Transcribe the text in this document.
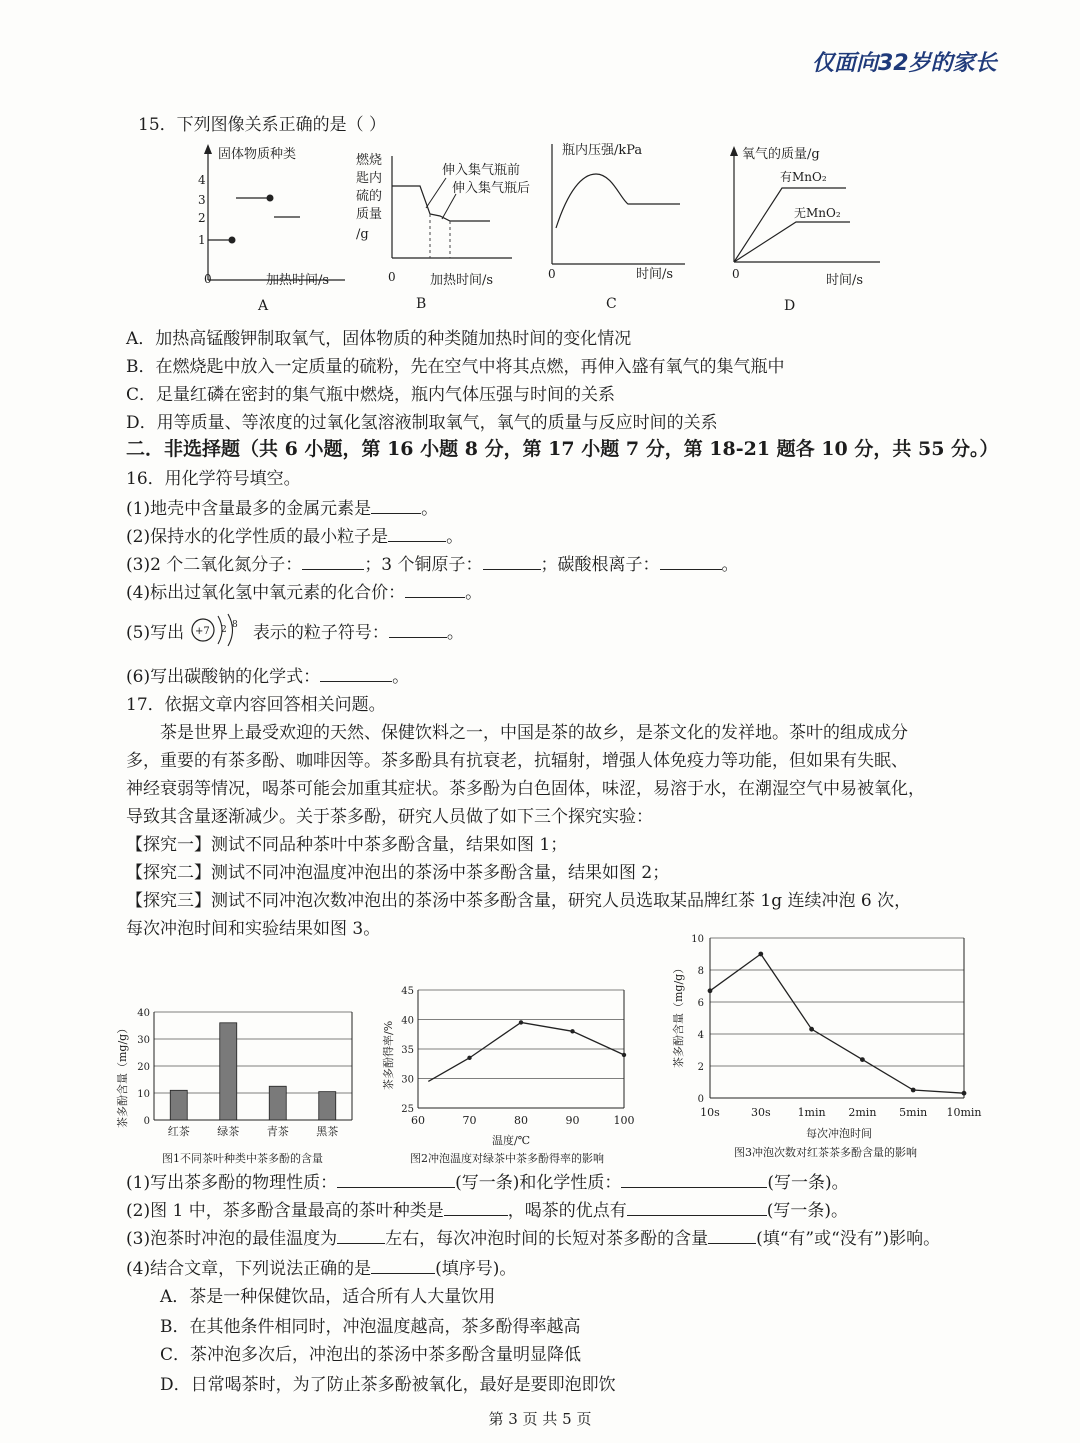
仅面向32岁的家长
15．下列图像关系正确的是（ ）
固体物质种类
4
3
2
1
0	加热时间/s
A
燃烧
匙内
硫的
质量
/g
伸入集气瓶前
伸入集气瓶后
0	加热时间/s
B
瓶内压强/kPa
0	时间/s
C
氧气的质量/g
有MnO₂
无MnO₂
0	时间/s
D
A．加热高锰酸钾制取氧气，固体物质的种类随加热时间的变化情况
B．在燃烧匙中放入一定质量的硫粉，先在空气中将其点燃，再伸入盛有氧气的集气瓶中
C．足量红磷在密封的集气瓶中燃烧，瓶内气体压强与时间的关系
D．用等质量、等浓度的过氧化氢溶液制取氧气，氧气的质量与反应时间的关系
二．非选择题（共 6 小题，第 16 小题 8 分，第 17 小题 7 分，第 18-21 题各 10 分，共 55 分。）
16．用化学符号填空。
(1)地壳中含量最多的金属元素是	。
(2)保持水的化学性质的最小粒子是	。
(3)2 个二氧化氮分子：	；3 个铜原子：	；碳酸根离子：	。
(4)标出过氧化氢中氧元素的化合价：	。
(5)写出 +7 2 8 表示的粒子符号：	。
(6)写出碳酸钠的化学式：	。
17．依据文章内容回答相关问题。
茶是世界上最受欢迎的天然、保健饮料之一，中国是茶的故乡，是茶文化的发祥地。茶叶的组成成分
多，重要的有茶多酚、咖啡因等。茶多酚具有抗衰老，抗辐射，增强人体免疫力等功能，但如果有失眠、
神经衰弱等情况，喝茶可能会加重其症状。茶多酚为白色固体，味涩，易溶于水，在潮湿空气中易被氧化，
导致其含量逐渐减少。关于茶多酚，研究人员做了如下三个探究实验：
【探究一】测试不同品种茶叶中茶多酚含量，结果如图 1；
【探究二】测试不同冲泡温度冲泡出的茶汤中茶多酚含量，结果如图 2；
【探究三】测试不同冲泡次数冲泡出的茶汤中茶多酚含量，研究人员选取某品牌红茶 1g 连续冲泡 6 次，
每次冲泡时间和实验结果如图 3。
0
10
20
30
40
红茶	绿茶	青茶	黑茶
茶多酚含量（mg/g）
图1不同茶叶种类中茶多酚的含量
25
30
35
40
45
60	70	80	90	100
茶多酚得率/%
温度/℃
图2冲泡温度对绿茶中茶多酚得率的影响
0
2
4
6
8
10
10s	30s 1min 2min 5min 10min
茶多酚含量（mg/g）
每次冲泡时间
图3冲泡次数对红茶茶多酚含量的影响
(1)写出茶多酚的物理性质：	(写一条)和化学性质：	(写一条)。
(2)图 1 中，茶多酚含量最高的茶叶种类是	，喝茶的优点有	(写一条)。
(3)泡茶时冲泡的最佳温度为	左右，每次冲泡时间的长短对茶多酚的含量	(填“有”或“没有”)影响。
(4)结合文章，下列说法正确的是	(填序号)。
A．茶是一种保健饮品，适合所有人大量饮用
B．在其他条件相同时，冲泡温度越高，茶多酚得率越高
C．茶冲泡多次后，冲泡出的茶汤中茶多酚含量明显降低
D．日常喝茶时，为了防止茶多酚被氧化，最好是要即泡即饮
第 3 页 共 5 页
